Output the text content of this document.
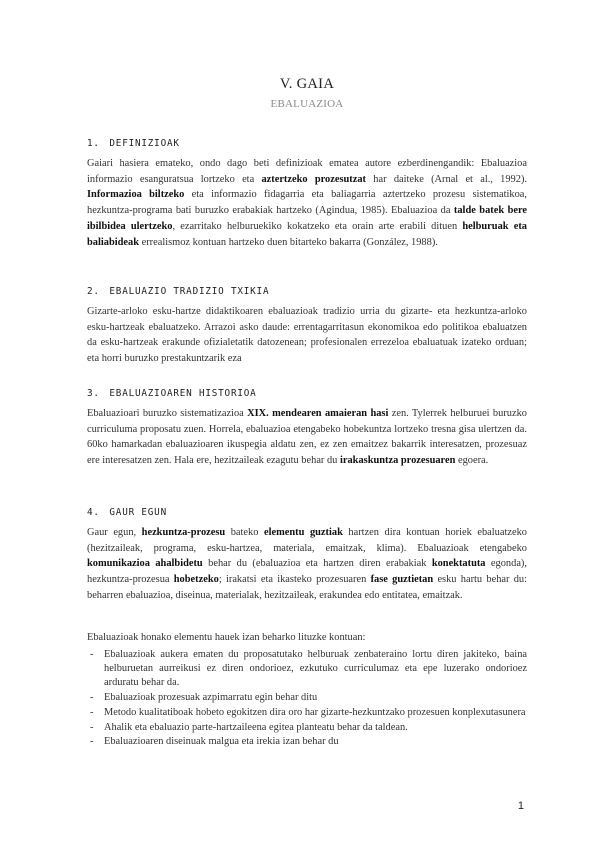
V. GAIA
EBALUAZIOA
1. DEFINIZIOAK
Gaiari hasiera emateko, ondo dago beti definizioak ematea autore ezberdinengandik: Ebaluazioa informazio esanguratsua lortzeko eta aztertzeko prozesutzat har daiteke (Arnal et al., 1992). Informazioa biltzeko eta informazio fidagarria eta baliagarria aztertzeko prozesu sistematikoa, hezkuntza-programa bati buruzko erabakiak hartzeko (Agindua, 1985). Ebaluazioa da talde batek bere ibilbidea ulertzeko, ezarritako helburuekiko kokatzeko eta orain arte erabili dituen helburuak eta baliabideak errealismoz kontuan hartzeko duen bitarteko bakarra (González, 1988).
2. EBALUAZIO TRADIZIO TXIKIA
Gizarte-arloko esku-hartze didaktikoaren ebaluazioak tradizio urria du gizarte- eta hezkuntza-arloko esku-hartzeak ebaluatzeko. Arrazoi asko daude: errentagarritasun ekonomikoa edo politikoa ebaluatzen da esku-hartzeak erakunde ofizialetatik datozenean; profesionalen errezeloa ebaluatuak izateko orduan; eta horri buruzko prestakuntzarik eza
3. EBALUAZIOAREN HISTORIOA
Ebaluazioari buruzko sistematizazioa XIX. mendearen amaieran hasi zen. Tylerrek helburuei buruzko curriculuma proposatu zuen. Horrela, ebaluazioa etengabeko hobekuntza lortzeko tresna gisa ulertzen da. 60ko hamarkadan ebaluazioaren ikuspegia aldatu zen, ez zen emaitzez bakarrik interesatzen, prozesuaz ere interesatzen zen. Hala ere, hezitzaileak ezagutu behar du irakaskuntza prozesuaren egoera.
4. GAUR EGUN
Gaur egun, hezkuntza-prozesu bateko elementu guztiak hartzen dira kontuan horiek ebaluatzeko (hezitzaileak, programa, esku-hartzea, materiala, emaitzak, klima). Ebaluazioak etengabeko komunikazioa ahalbidetu behar du (ebaluazioa eta hartzen diren erabakiak konektatuta egonda), hezkuntza-prozesua hobetzeko; irakatsi eta ikasteko prozesuaren fase guztietan esku hartu behar du: beharren ebaluazioa, diseinua, materialak, hezitzaileak, erakundea edo entitatea, emaitzak.
Ebaluazioak honako elementu hauek izan beharko lituzke kontuan:
- Ebaluazioak aukera ematen du proposatutako helburuak zenbateraino lortu diren jakiteko, baina helburuetan aurreikusi ez diren ondorioez, ezkutuko curriculumaz eta epe luzerako ondorioez arduratu behar da.
- Ebaluazioak prozesuak azpimarratu egin behar ditu
- Metodo kualitatiboak hobeto egokitzen dira oro har gizarte-hezkuntzako prozesuen konplexutasunera
- Ahalik eta ebaluazio parte-hartzaileena egitea planteatu behar da taldean.
- Ebaluazioaren diseinuak malgua eta irekia izan behar du
1
